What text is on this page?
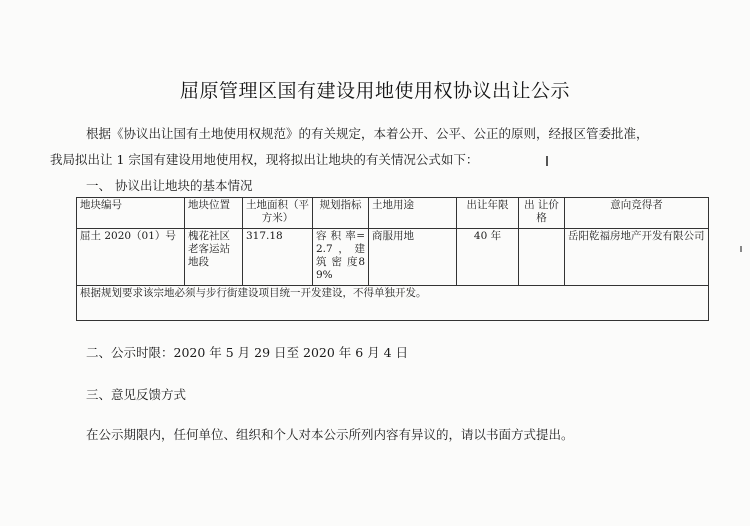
屈原管理区国有建设用地使用权协议出让公示
根据《协议出让国有土地使用权规范》的有关规定，本着公开、公平、公正的原则，经报区管委批准，
我局拟出让 1 宗国有建设用地使用权，现将拟出让地块的有关情况公式如下：
一、 协议出让地块的基本情况
地块编号	地块位置	土地面积（平方米）	规划指标	土地用途	出让年限	出 让价 格	意向竞得者
屈土 2020（01）号	槐花社区老客运站地段	317.18	容 积 率=2.7，建 筑 密 度89%	商服用地	40 年		岳阳乾福房地产开发有限公司
根据规划要求该宗地必须与步行街建设项目统一开发建设，不得单独开发。							
二、公示时限：2020 年 5 月 29 日至 2020 年 6 月 4 日
三、意见反馈方式
在公示期限内，任何单位、组织和个人对本公示所列内容有异议的，请以书面方式提出。
